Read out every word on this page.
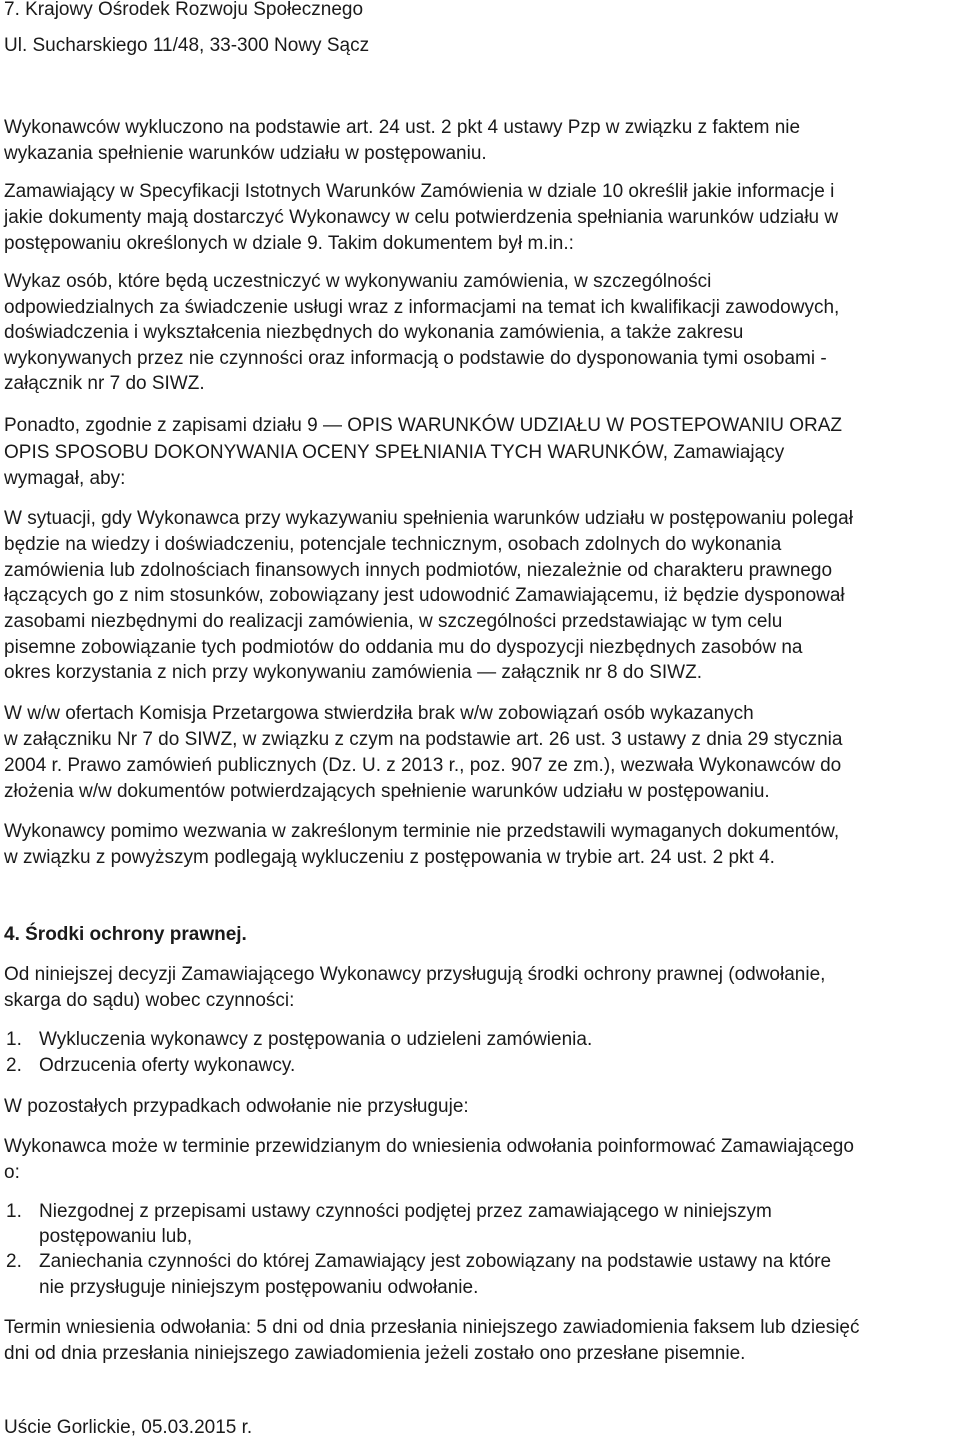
7. Krajowy Ośrodek Rozwoju Społecznego
Ul. Sucharskiego 11/48, 33-300 Nowy Sącz
Wykonawców wykluczono na podstawie art. 24 ust. 2 pkt 4 ustawy Pzp w związku z faktem nie
wykazania spełnienie warunków udziału w postępowaniu.
Zamawiający w Specyfikacji Istotnych Warunków Zamówienia w dziale 10 określił jakie informacje i
jakie dokumenty mają dostarczyć Wykonawcy w celu potwierdzenia spełniania warunków udziału w
postępowaniu określonych w dziale 9. Takim dokumentem był m.in.:
Wykaz osób, które będą uczestniczyć w wykonywaniu zamówienia, w szczególności
odpowiedzialnych za świadczenie usługi wraz z informacjami na temat ich kwalifikacji zawodowych,
doświadczenia i wykształcenia niezbędnych do wykonania zamówienia, a także zakresu
wykonywanych przez nie czynności oraz informacją o podstawie do dysponowania tymi osobami -
załącznik nr 7 do SIWZ.
Ponadto, zgodnie z zapisami działu 9 — OPIS WARUNKÓW UDZIAŁU W POSTEPOWANIU ORAZ
OPIS SPOSOBU DOKONYWANIA OCENY SPEŁNIANIA TYCH WARUNKÓW, Zamawiający
wymagał, aby:
W sytuacji, gdy Wykonawca przy wykazywaniu spełnienia warunków udziału w postępowaniu polegał
będzie na wiedzy i doświadczeniu, potencjale technicznym, osobach zdolnych do wykonania
zamówienia lub zdolnościach finansowych innych podmiotów, niezależnie od charakteru prawnego
łączących go z nim stosunków, zobowiązany jest udowodnić Zamawiającemu, iż będzie dysponował
zasobami niezbędnymi do realizacji zamówienia, w szczególności przedstawiając w tym celu
pisemne zobowiązanie tych podmiotów do oddania mu do dyspozycji niezbędnych zasobów na
okres korzystania z nich przy wykonywaniu zamówienia — załącznik nr 8 do SIWZ.
W w/w ofertach Komisja Przetargowa stwierdziła brak w/w zobowiązań osób wykazanych
w załączniku Nr 7 do SIWZ, w związku z czym na podstawie art. 26 ust. 3 ustawy z dnia 29 stycznia
2004 r. Prawo zamówień publicznych (Dz. U. z 2013 r., poz. 907 ze zm.), wezwała Wykonawców do
złożenia w/w dokumentów potwierdzających spełnienie warunków udziału w postępowaniu.
Wykonawcy pomimo wezwania w zakreślonym terminie nie przedstawili wymaganych dokumentów,
w związku z powyższym podlegają wykluczeniu z postępowania w trybie art. 24 ust. 2 pkt 4.
4. Środki ochrony prawnej.
Od niniejszej decyzji Zamawiającego Wykonawcy przysługują środki ochrony prawnej (odwołanie,
skarga do sądu) wobec czynności:
1. Wykluczenia wykonawcy z postępowania o udzieleni zamówienia.
2. Odrzucenia oferty wykonawcy.
W pozostałych przypadkach odwołanie nie przysługuje:
Wykonawca może w terminie przewidzianym do wniesienia odwołania poinformować Zamawiającego
o:
1. Niezgodnej z przepisami ustawy czynności podjętej przez zamawiającego w niniejszym
postępowaniu lub,
2. Zaniechania czynności do której Zamawiający jest zobowiązany na podstawie ustawy na które
nie przysługuje niniejszym postępowaniu odwołanie.
Termin wniesienia odwołania: 5 dni od dnia przesłania niniejszego zawiadomienia faksem lub dziesięć
dni od dnia przesłania niniejszego zawiadomienia jeżeli zostało ono przesłane pisemnie.
Uście Gorlickie, 05.03.2015 r.
